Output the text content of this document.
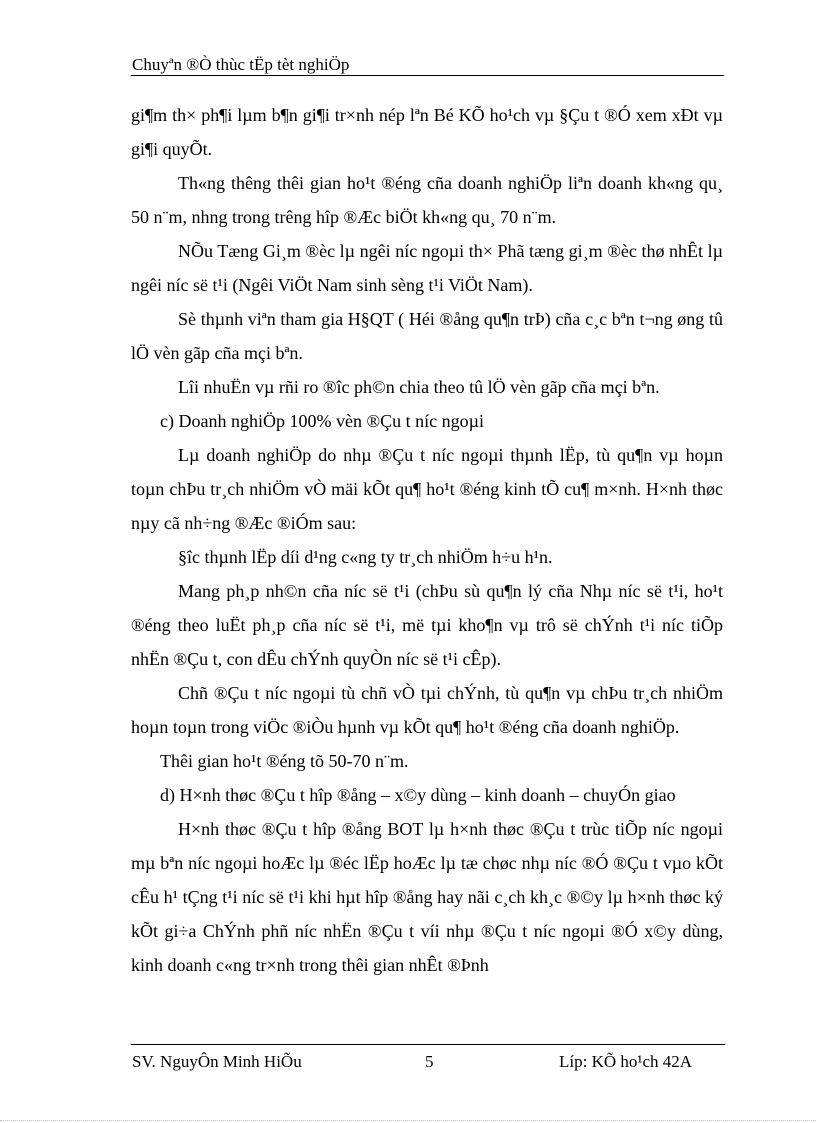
Chuyªn ®Ò thùc tËp tèt nghiÖp

gi¶m th× ph¶i lµm b¶n gi¶i tr×nh nép lªn Bé KÕ ho¹ch vµ §Çu t ®Ó xem xÐt vµ gi¶i quyÕt.

Th«ng thêng thêi gian ho¹t ®éng cña doanh nghiÖp liªn doanh kh«ng qu¸ 50 n¨m, nhng trong trêng hîp ®Æc biÖt kh«ng qu¸ 70 n¨m.

NÕu Tæng Gi¸m ®èc lµ ngêi níc ngoµi th× Phã tæng gi¸m ®èc thø nhÊt lµ ngêi níc së t¹i (Ngêi ViÖt Nam sinh sèng t¹i ViÖt Nam).

Sè thµnh viªn tham gia H§QT ( Héi ®ång qu¶n trÞ) cña c¸c bªn t¬ng øng tû lÖ vèn gãp cña mçi bªn.

Lîi nhuËn vµ rñi ro ®îc ph©n chia theo tû lÖ vèn gãp cña mçi bªn.

c) Doanh nghiÖp 100% vèn ®Çu t níc ngoµi

Lµ doanh nghiÖp do nhµ ®Çu t níc ngoµi thµnh lËp, tù qu¶n vµ hoµn toµn chÞu tr¸ch nhiÖm vÒ mäi kÕt qu¶ ho¹t ®éng kinh tÕ cu¶ m×nh. H×nh thøc nµy cã nh÷ng ®Æc ®iÓm sau:

§îc thµnh lËp díi d¹ng c«ng ty tr¸ch nhiÖm h÷u h¹n.

Mang ph¸p nh©n cña níc së t¹i (chÞu sù qu¶n lý cña Nhµ níc së t¹i, ho¹t ®éng theo luËt ph¸p cña níc së t¹i, më tµi kho¶n vµ trô së chÝnh t¹i níc tiÕp nhËn ®Çu t, con dÊu chÝnh quyÒn níc së t¹i cÊp).

Chñ ®Çu t níc ngoµi tù chñ vÒ tµi chÝnh, tù qu¶n vµ chÞu tr¸ch nhiÖm hoµn toµn trong viÖc ®iÒu hµnh vµ kÕt qu¶ ho¹t ®éng cña doanh nghiÖp.

Thêi gian ho¹t ®éng tõ 50-70 n¨m.

d) H×nh thøc ®Çu t hîp ®ång – x©y dùng – kinh doanh – chuyÓn giao

H×nh thøc ®Çu t hîp ®ång BOT lµ h×nh thøc ®Çu t trùc tiÕp níc ngoµi mµ bªn níc ngoµi hoÆc lµ ®éc lËp hoÆc lµ tæ chøc nhµ níc ®Ó ®Çu t vµo kÕt cÊu h¹ tÇng t¹i níc së t¹i khi hµt hîp ®ång hay nãi c¸ch kh¸c ®©y lµ h×nh thøc ký kÕt gi÷a ChÝnh phñ níc nhËn ®Çu t víi nhµ ®Çu t níc ngoµi ®Ó x©y dùng, kinh doanh c«ng tr×nh trong thêi gian nhÊt ®Þnh

SV. NguyÔn Minh HiÕu	5	Líp: KÕ ho¹ch 42A
